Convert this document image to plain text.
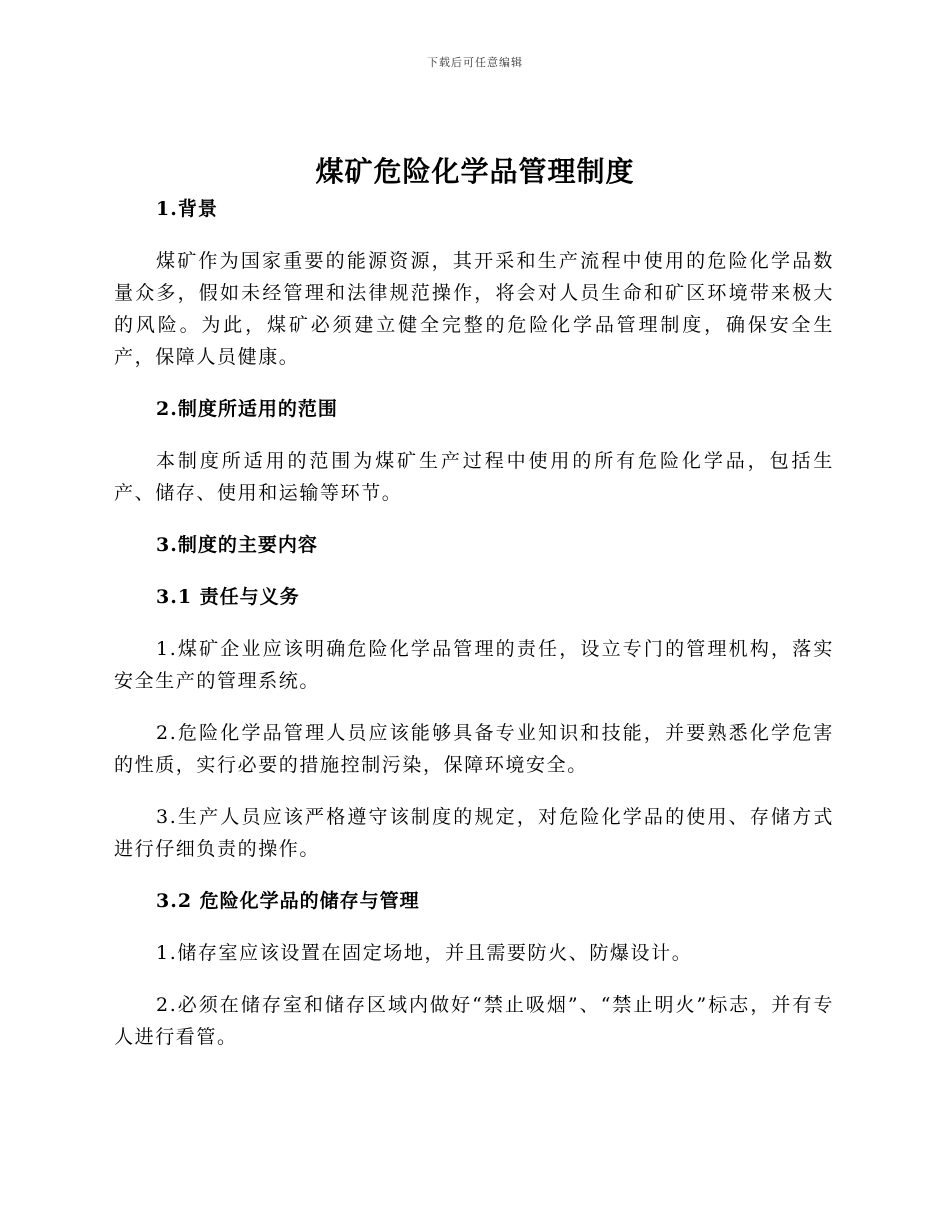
下载后可任意编辑
煤矿危险化学品管理制度

1.背景

煤矿作为国家重要的能源资源，其开采和生产流程中使用的危险化学品数量众多，假如未经管理和法律规范操作，将会对人员生命和矿区环境带来极大的风险。为此，煤矿必须建立健全完整的危险化学品管理制度，确保安全生产，保障人员健康。

2.制度所适用的范围

本制度所适用的范围为煤矿生产过程中使用的所有危险化学品，包括生产、储存、使用和运输等环节。

3.制度的主要内容

3.1 责任与义务

1.煤矿企业应该明确危险化学品管理的责任，设立专门的管理机构，落实安全生产的管理系统。

2.危险化学品管理人员应该能够具备专业知识和技能，并要熟悉化学危害的性质，实行必要的措施控制污染，保障环境安全。

3.生产人员应该严格遵守该制度的规定，对危险化学品的使用、存储方式进行仔细负责的操作。

3.2 危险化学品的储存与管理

1.储存室应该设置在固定场地，并且需要防火、防爆设计。

2.必须在储存室和储存区域内做好“禁止吸烟”、“禁止明火”标志，并有专人进行看管。
